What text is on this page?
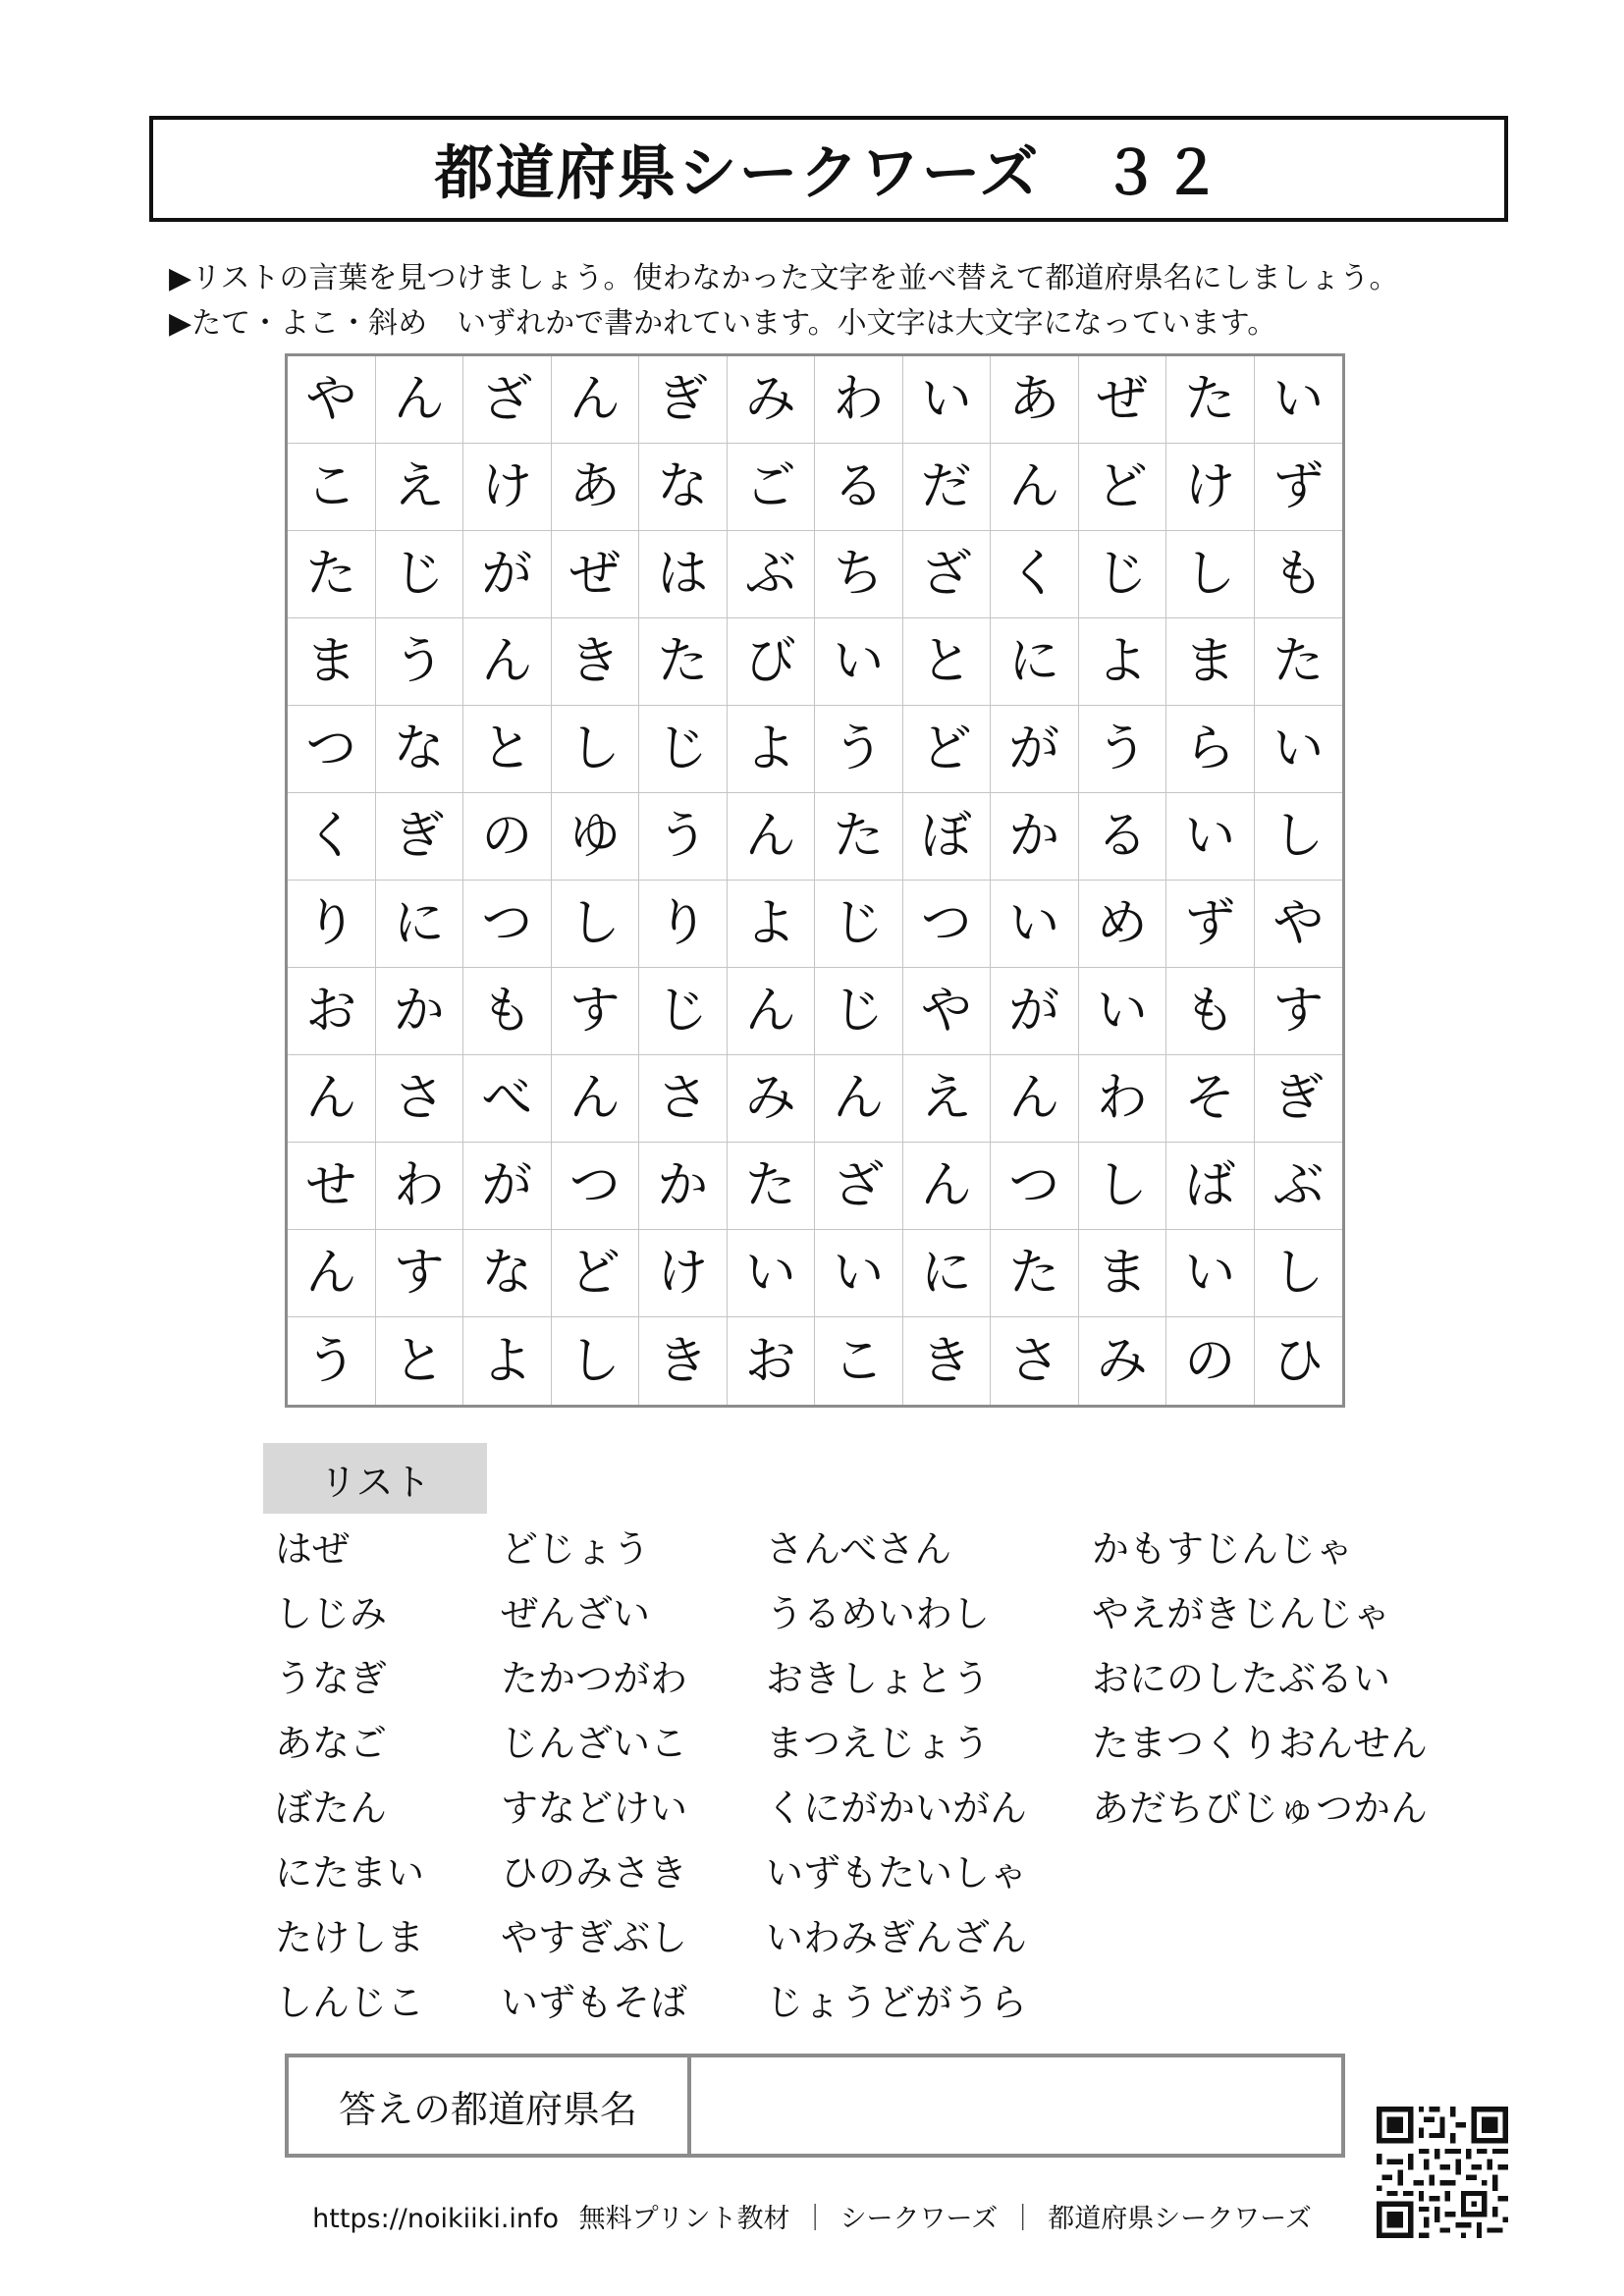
都道府県シークワーズ　３２
▶リストの言葉を見つけましょう。使わなかった文字を並べ替えて都道府県名にしましょう。
▶たて・よこ・斜め　いずれかで書かれています。小文字は大文字になっています。
や ん ざ ん ぎ み わ い あ ぜ た い
こ え け あ な ご る だ ん ど け ず
た じ が ぜ は ぶ ち ざ く じ し も
ま う ん き た び い と に よ ま た
つ な と し じ よ う ど が う ら い
く ぎ の ゆ う ん た ぼ か る い し
り に つ し り よ じ つ い め ず や
お か も す じ ん じ や が い も す
ん さ べ ん さ み ん え ん わ そ ぎ
せ わ が つ か た ざ ん つ し ば ぶ
ん す な ど け い い に た ま い し
う と よ し き お こ き さ み の ひ
リスト
はぜ
しじみ
うなぎ
あなご
ぼたん
にたまい
たけしま
しんじこ
どじょう
ぜんざい
たかつがわ
じんざいこ
すなどけい
ひのみさき
やすぎぶし
いずもそば
さんべさん
うるめいわし
おきしょとう
まつえじょう
くにがかいがん
いずもたいしゃ
いわみぎんざん
じょうどがうら
かもすじんじゃ
やえがきじんじゃ
おにのしたぶるい
たまつくりおんせん
あだちびじゅつかん
答えの都道府県名
https://noikiiki.info 無料プリント教材 ｜ シークワーズ ｜ 都道府県シークワーズ
